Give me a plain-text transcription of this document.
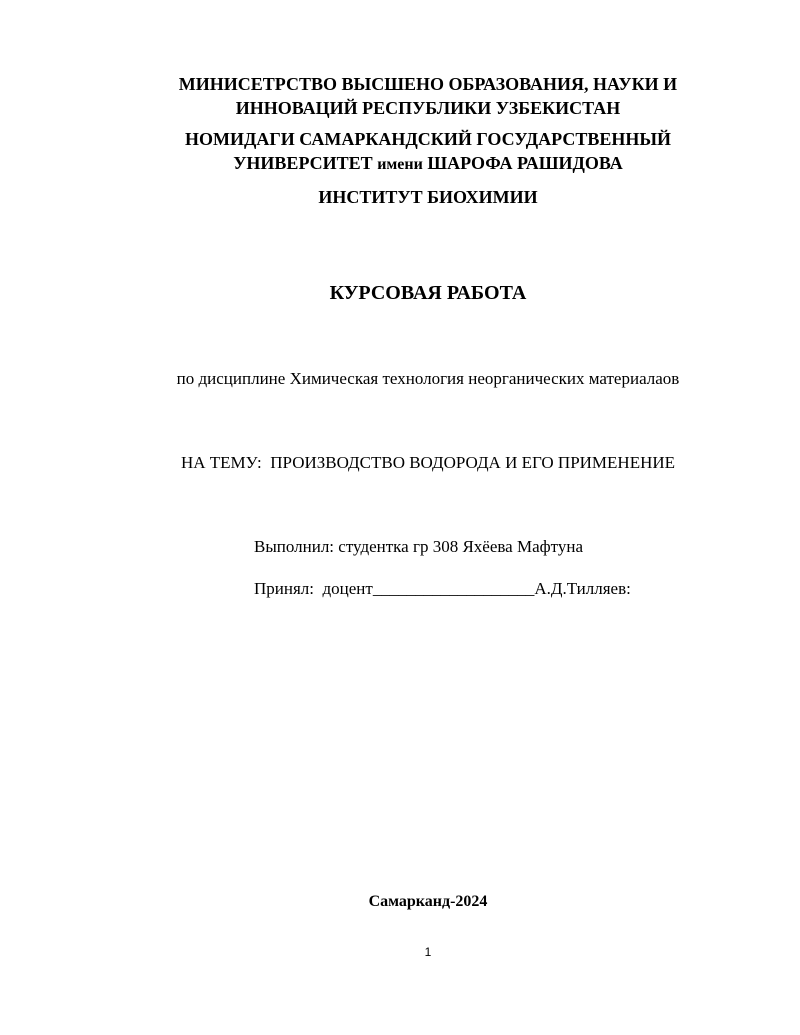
МИНИСЕТРСТВО ВЫСШЕНО ОБРАЗОВАНИЯ, НАУКИ И
ИННОВАЦИЙ РЕСПУБЛИКИ УЗБЕКИСТАН
НОМИДАГИ САМАРКАНДСКИЙ ГОСУДАРСТВЕННЫЙ
УНИВЕРСИТЕТ имени ШАРОФА РАШИДОВА
ИНСТИТУТ БИОХИМИИ
КУРСОВАЯ РАБОТА
по дисциплине Химическая технология неорганических материалаов
НА ТЕМУ:  ПРОИЗВОДСТВО ВОДОРОДА И ЕГО ПРИМЕНЕНИЕ
Выполнил: студентка гр 308 Яхёева Мафтуна
Принял:  доцент___________________А.Д.Тилляев:
Самарканд-2024
1
